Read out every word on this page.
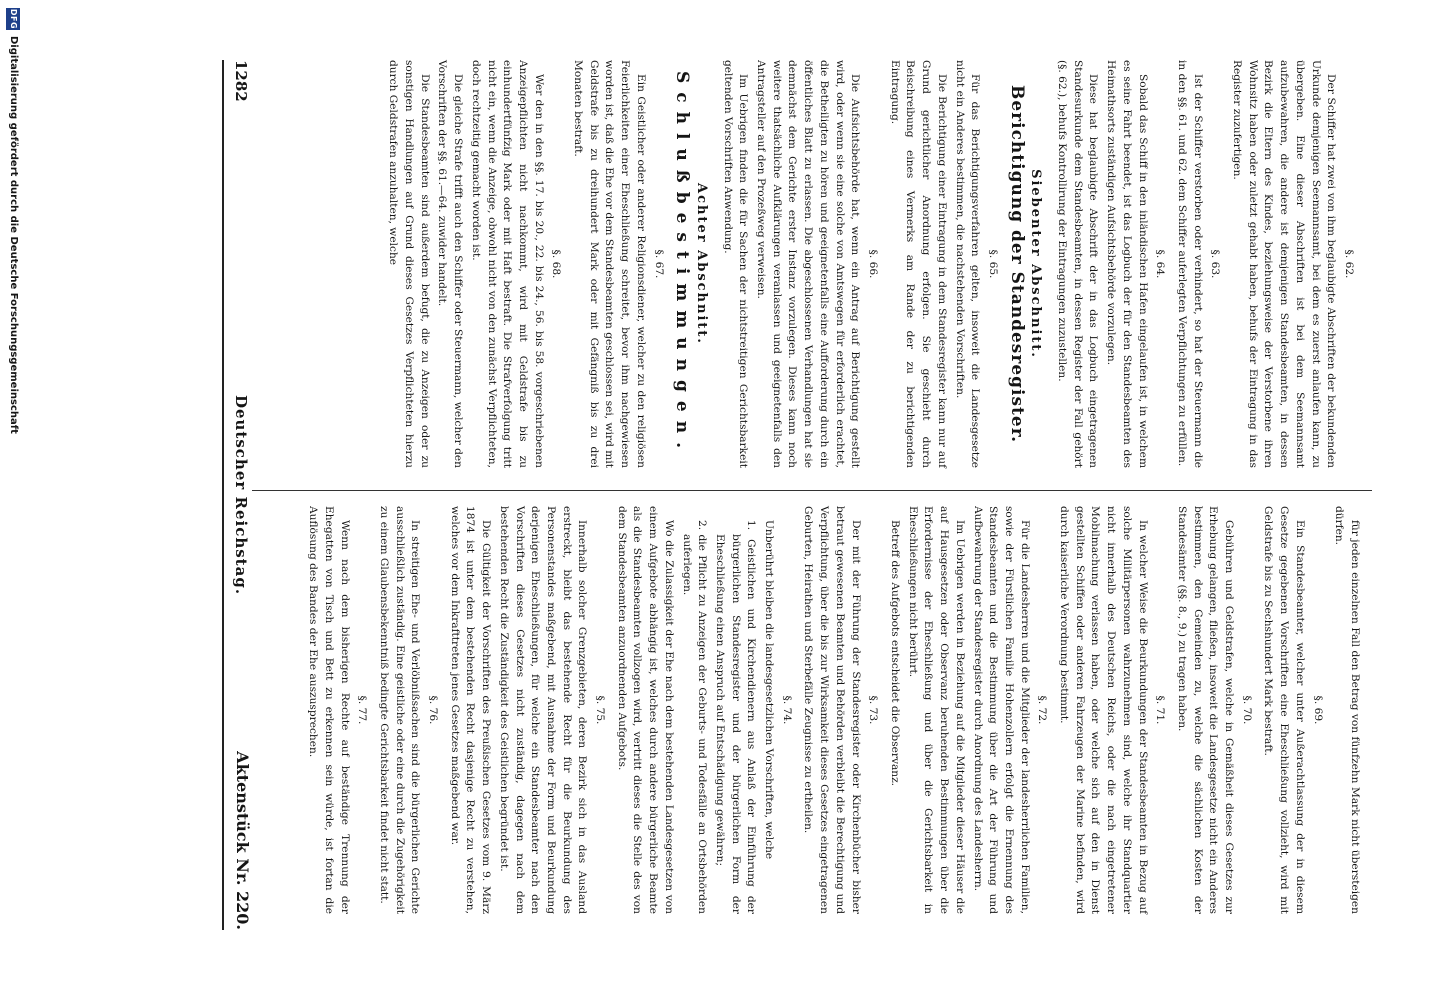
1282
Deutscher Reichstag.
Aktenstück Nr. 220.
§. 62.
Der Schiffer hat zwei von ihm beglaubigte Abschriften der bekundenden Urkunde demjenigen Seemannsamt, bei dem es zuerst anlaufen kann, zu übergeben. Eine dieser Abschriften ist bei dem Seemannsamt aufzubewahren, die andere ist demjenigen Standesbeamten, in dessen Bezirk die Eltern des Kindes, beziehungsweise der Verstorbene ihren Wohnsitz haben oder zuletzt gehabt haben, behufs der Eintragung in das Register zuzufertigen.
§. 63.
Ist der Schiffer verstorben oder verhindert, so hat der Steuermann die in den §§. 61. und 62. dem Schiffer auferlegten Verpflichtungen zu erfüllen.
§. 64.
Sobald das Schiff in den inländischen Hafen eingelaufen ist, in welchem es seine Fahrt beendet, ist das Logbuch der für den Standesbeamten des Heimathsorts zuständigen Aufsichtsbehörde vorzulegen.
Diese hat beglaubigte Abschrift der in das Logbuch eingetragenen Standesurkunde dem Standesbeamten, in dessen Register der Fall gehört (§. 62.), behufs Kontrollirung der Eintragungen zuzustellen.
Siebenter Abschnitt.
Berichtigung der Standesregister.
§. 65.
Für das Berichtigungsverfahren gelten, insoweit die Landesgesetze nicht ein Anderes bestimmen, die nachstehenden Vorschriften.
Die Berichtigung einer Eintragung in dem Standesregister kann nur auf Grund gerichtlicher Anordnung erfolgen. Sie geschieht durch Beischreibung eines Vermerks am Rande der zu berichtigenden Eintragung.
§. 66.
Die Aufsichtsbehörde hat, wenn ein Antrag auf Berichtigung gestellt wird, oder wenn sie eine solche von Amtswegen für erforderlich erachtet, die Betheiligten zu hören und geeignetenfalls eine Aufforderung durch ein öffentliches Blatt zu erlassen. Die abgeschlossenen Verhandlungen hat sie demnächst dem Gerichte erster Instanz vorzulegen. Dieses kann noch weitere thatsächliche Aufklärungen veranlassen und geeignetenfalls den Antragsteller auf den Prozeßweg verweisen.
Im Uebrigen finden die für Sachen der nichtstreitigen Gerichtsbarkeit geltenden Vorschriften Anwendung.
Achter Abschnitt.
Schlußbestimmungen.
§. 67.
Ein Geistlicher oder anderer Religionsdiener, welcher zu den religiösen Feierlichkeiten einer Eheschließung schreitet, bevor ihm nachgewiesen worden ist, daß die Ehe vor dem Standesbeamten geschlossen sei, wird mit Geldstrafe bis zu dreihundert Mark oder mit Gefängniß bis zu drei Monaten bestraft.
§. 68.
Wer den in den §§. 17. bis 20., 22. bis 24., 56. bis 58. vorgeschriebenen Anzeigepflichten nicht nachkommt, wird mit Geldstrafe bis zu einhundertfünfzig Mark oder mit Haft bestraft. Die Strafverfolgung tritt nicht ein, wenn die Anzeige, obwohl nicht von den zunächst Verpflichteten, doch rechtzeitig gemacht worden ist.
Die gleiche Strafe trifft auch den Schiffer oder Steuermann, welcher den Vorschriften der §§. 61.—64. zuwider handelt.
Die Standesbeamten sind außerdem befugt, die zu Anzeigen oder zu sonstigen Handlungen auf Grund dieses Gesetzes Verpflichteten hierzu durch Geldstrafen anzuhalten, welche
für jeden einzelnen Fall den Betrag von fünfzehn Mark nicht übersteigen dürfen.
§. 69.
Ein Standesbeamter, welcher unter Außerachtlassung der in diesem Gesetze gegebenen Vorschriften eine Eheschließung vollzieht, wird mit Geldstrafe bis zu Sechshundert Mark bestraft.
§. 70.
Gebühren und Geldstrafen, welche in Gemäßheit dieses Gesetzes zur Erhebung gelangen, fließen, insoweit die Landesgesetze nicht ein Anderes bestimmen, den Gemeinden zu, welche die sächlichen Kosten der Standesämter (§§. 8., 9.) zu tragen haben.
§. 71.
In welcher Weise die Beurkundungen der Standesbeamten in Bezug auf solche Militärpersonen wahrzunehmen sind, welche ihr Standquartier nicht innerhalb des Deutschen Reichs, oder die nach eingetretener Mobilmachung verlassen haben, oder welche sich auf den in Dienst gestellten Schiffen oder anderen Fahrzeugen der Marine befinden, wird durch kaiserliche Verordnung bestimmt.
§. 72.
Für die Landesherren und die Mitglieder der landesherrlichen Familien, sowie der Fürstlichen Familie Hohenzollern erfolgt die Ernennung des Standesbeamten und die Bestimmung über die Art der Führung und Aufbewahrung der Standesregister durch Anordnung des Landesherrn.
Im Uebrigen werden in Beziehung auf die Mitglieder dieser Häuser die auf Hausgesetzen oder Observanz beruhenden Bestimmungen über die Erfordernisse der Eheschließung und über die Gerichtsbarkeit in Eheschließungen nicht berührt.
Betreff des Aufgebots entscheidet die Observanz.
§. 73.
Der mit der Führung der Standesregister oder Kirchenbücher bisher betraut gewesenen Beamten und Behörden verbleibt die Berechtigung und Verpflichtung, über die bis zur Wirksamkeit dieses Gesetzes eingetragenen Geburten, Heirathen und Sterbefälle Zeugnisse zu ertheilen.
§. 74.
Unberührt bleiben die landesgesetzlichen Vorschriften, welche
1. Geistlichen und Kirchendienern aus Anlaß der Einführung der bürgerlichen Standesregister und der bürgerlichen Form der Eheschließung einen Anspruch auf Entschädigung gewähren;
2. die Pflicht zu Anzeigen der Geburts- und Todesfälle an Ortsbehörden auferlegen.
Wo die Zulassigkeit der Ehe nach dem bestehenden Landesgesetzen von einem Aufgebote abhängig ist, welches durch andere bürgerliche Beamte als die Standesbeamten vollzogen wird, vertritt dieses die Stelle des von dem Standesbeamten anzuordnenden Aufgebots.
§. 75.
Innerhalb solcher Grenzgebieten, deren Bezirk sich in das Ausland erstreckt, bleibt das bestehende Recht für die Beurkundung des Personenstandes maßgebend, mit Ausnahme der Form und Beurkundung derjenigen Eheschließungen, für welche ein Standesbeamter nach den Vorschriften dieses Gesetzes nicht zuständig, dagegen nach dem bestehenden Recht die Zuständigkeit des Geistlichen begründet ist.
Die Gültigkeit der Vorschriften des Preußischen Gesetzes vom 9. März 1874 ist unter dem bestehenden Recht dasjenige Recht zu verstehen, welches vor dem Inkrafttreten jenes Gesetzes maßgebend war.
§. 76.
In streitigen Ehe- und Verlöbnißsachen sind die bürgerlichen Gerichte ausschließlich zuständig. Eine geistliche oder eine durch die Zugehörigkeit zu einem Glaubensbekenntniß bedingte Gerichtsbarkeit findet nicht statt.
§. 77.
Wenn nach dem bisherigen Rechte auf beständige Trennung der Ehegatten von Tisch und Bett zu erkennen sein würde, ist fortan die Auflösung des Bandes der Ehe auszusprechen.
DFG
Digitalisierung gefördert durch die Deutsche Forschungsgemeinschaft
